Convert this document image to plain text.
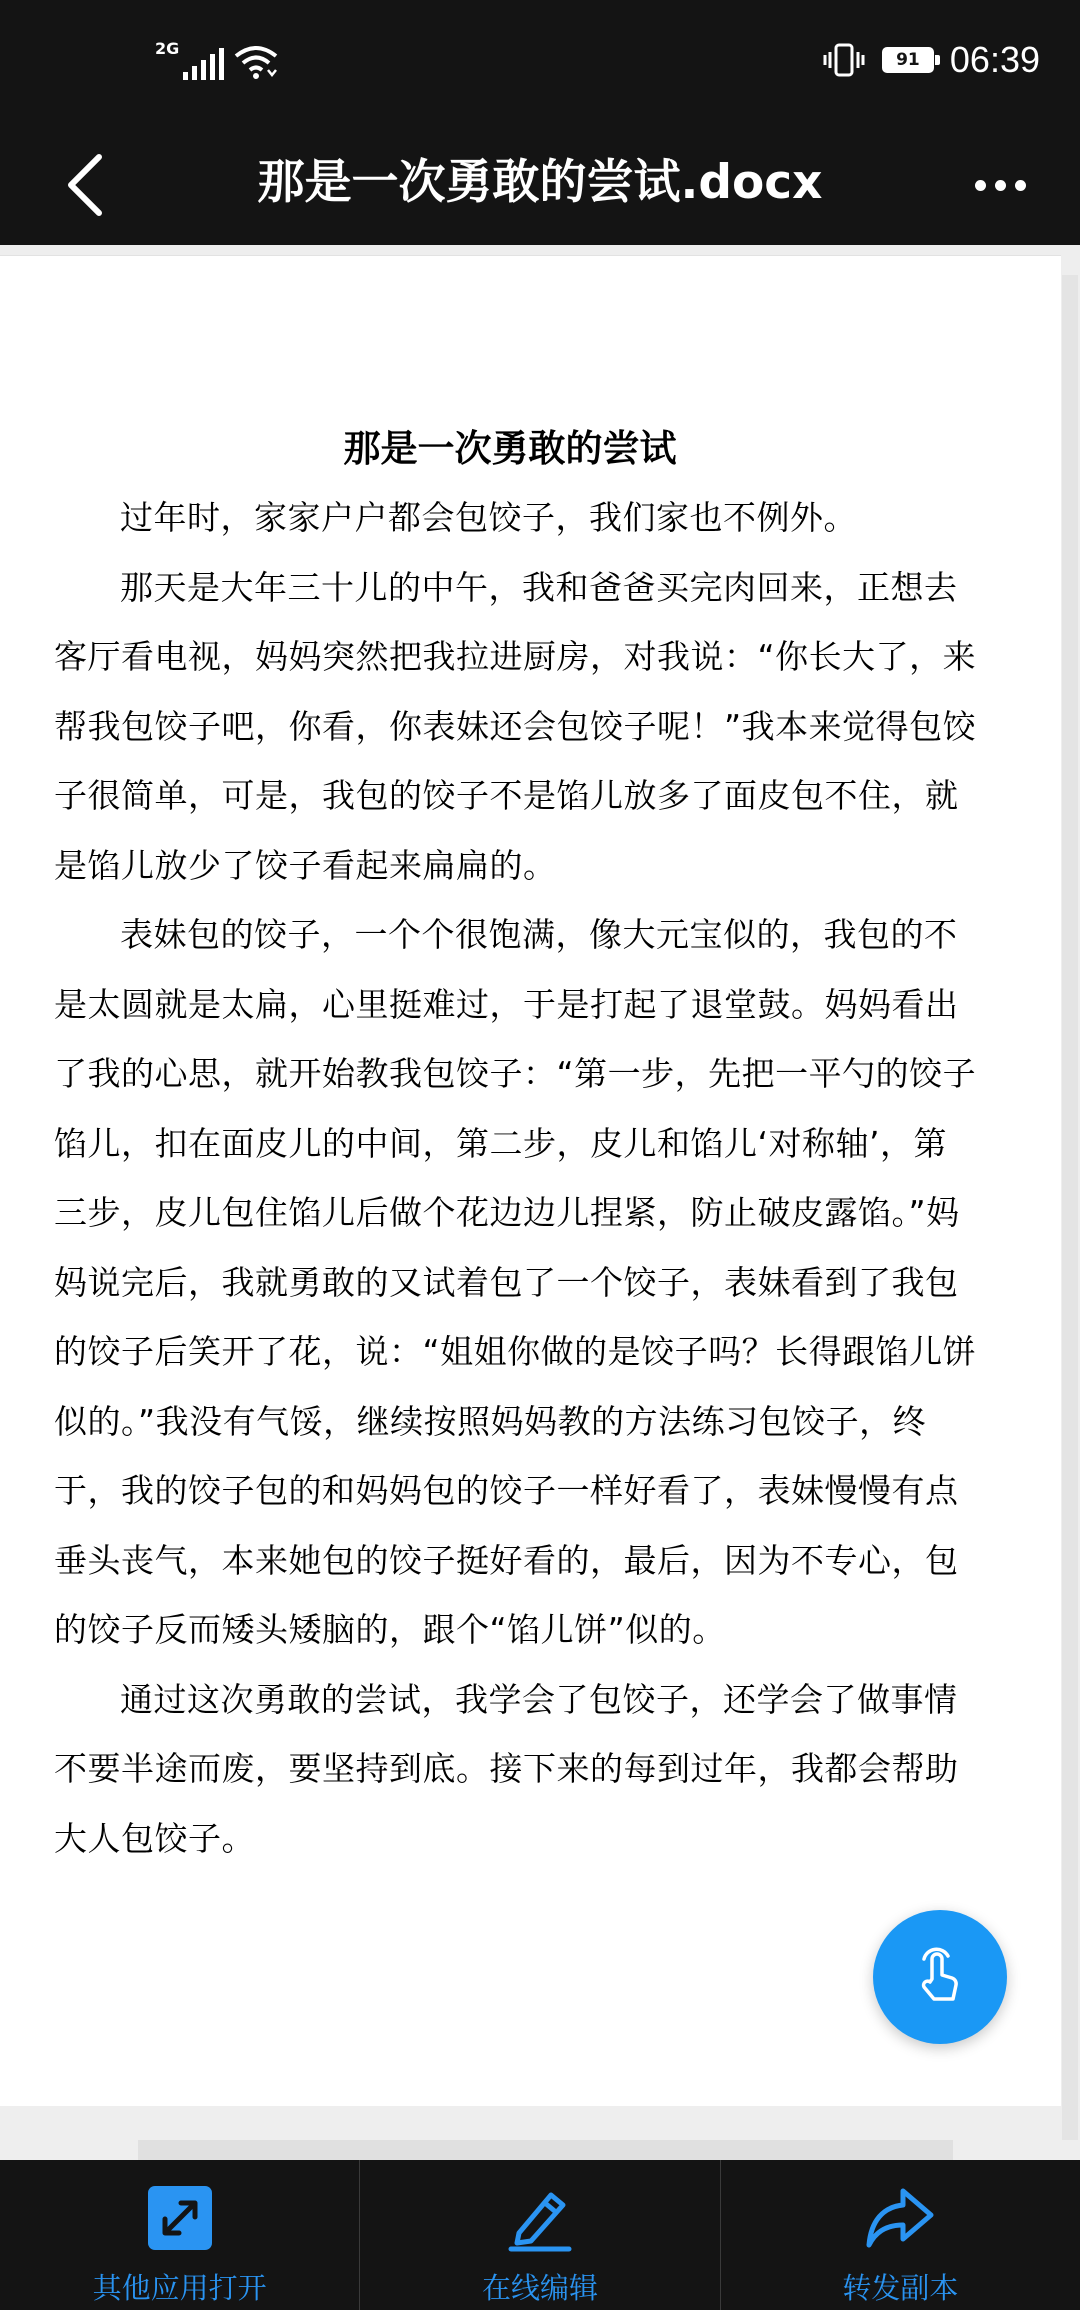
2G
91 06:39
那是一次勇敢的尝试.docx
那是一次勇敢的尝试

过年时，家家户户都会包饺子，我们家也不例外。

那天是大年三十儿的中午，我和爸爸买完肉回来，正想去客厅看电视，妈妈突然把我拉进厨房，对我说：“你长大了，来帮我包饺子吧，你看，你表妹还会包饺子呢！”我本来觉得包饺子很简单，可是，我包的饺子不是馅儿放多了面皮包不住，就是馅儿放少了饺子看起来扁扁的。

表妹包的饺子，一个个很饱满，像大元宝似的，我包的不是太圆就是太扁，心里挺难过，于是打起了退堂鼓。妈妈看出了我的心思，就开始教我包饺子：“第一步，先把一平勺的饺子馅儿，扣在面皮儿的中间，第二步，皮儿和馅儿‘对称轴’，第三步，皮儿包住馅儿后做个花边边儿捏紧，防止破皮露馅。”妈妈说完后，我就勇敢的又试着包了一个饺子，表妹看到了我包的饺子后笑开了花，说：“姐姐你做的是饺子吗？长得跟馅儿饼似的。”我没有气馁，继续按照妈妈教的方法练习包饺子，终于，我的饺子包的和妈妈包的饺子一样好看了，表妹慢慢有点垂头丧气，本来她包的饺子挺好看的，最后，因为不专心，包的饺子反而矮头矮脑的，跟个“馅儿饼”似的。

通过这次勇敢的尝试，我学会了包饺子，还学会了做事情不要半途而废，要坚持到底。接下来的每到过年，我都会帮助大人包饺子。

其他应用打开	在线编辑	转发副本
